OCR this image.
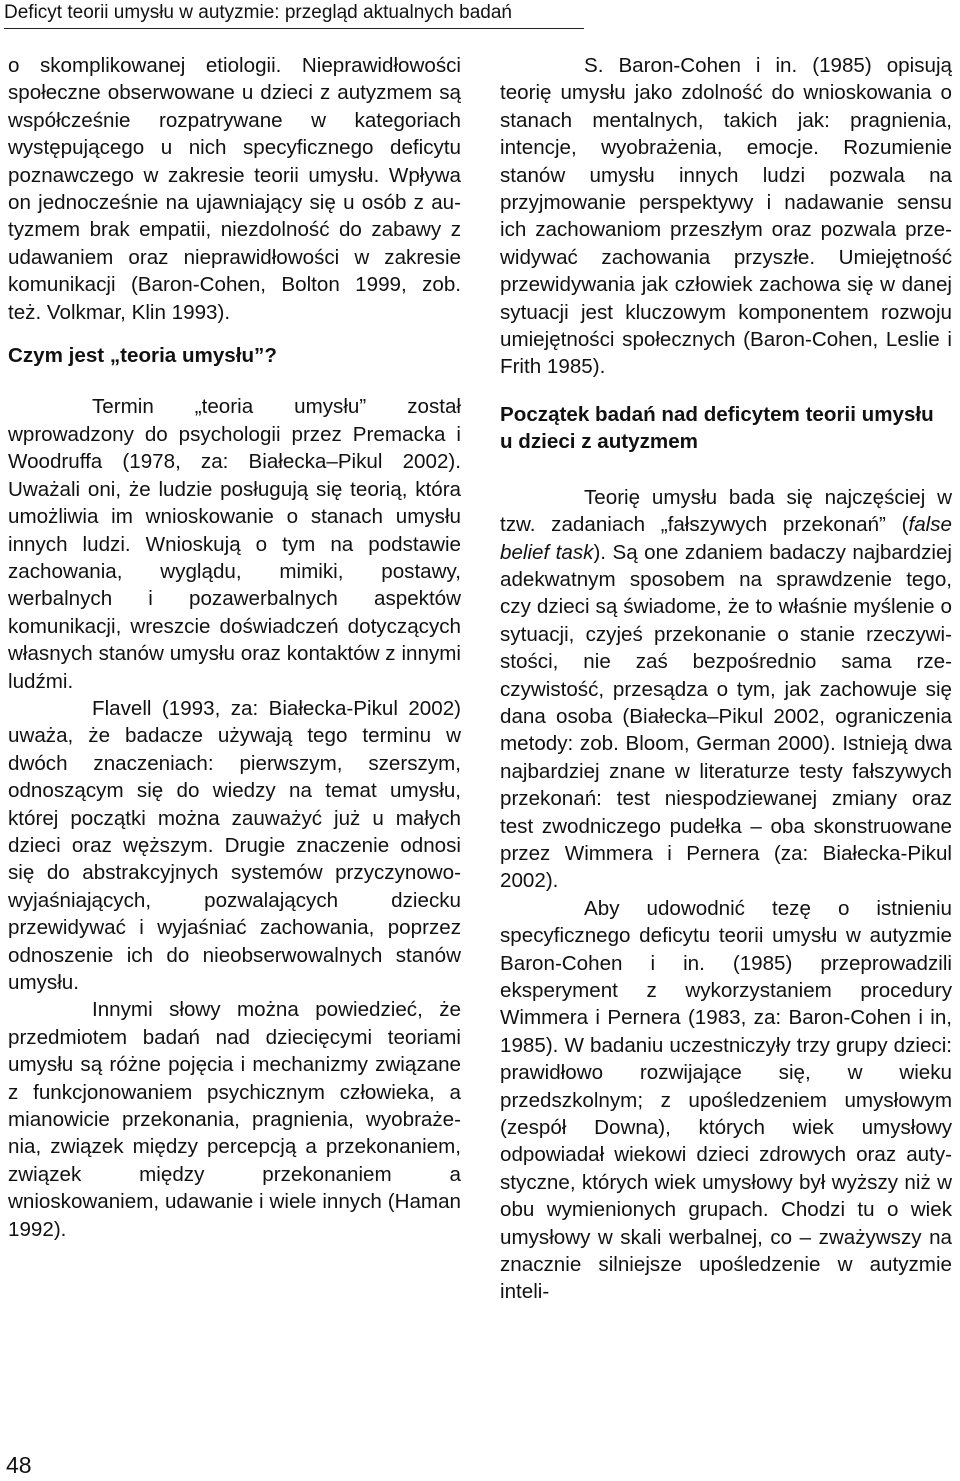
Deficyt teorii umysłu w autyzmie: przegląd aktualnych badań

o skomplikowanej etiologii. Nieprawidłowości społeczne obserwowane u dzieci z autyzmem są współcześnie rozpatrywane w kategoriach występującego u nich specyficznego deficytu poznawczego w zakresie teorii umysłu. Wpływa on jednocześnie na ujawniający się u osób z autyzmem brak empatii, niezdolność do zabawy z udawaniem oraz nieprawidłowości w zakresie komunikacji (Baron-Cohen, Bolton 1999, zob. też. Volkmar, Klin 1993).

Czym jest „teoria umysłu”?

Termin „teoria umysłu” został wprowadzony do psychologii przez Premacka i Woodruffa (1978, za: Białecka–Pikul 2002). Uważali oni, że ludzie posługują się teorią, która umożliwia im wnioskowanie o stanach umysłu innych ludzi. Wnioskują o tym na podstawie zachowania, wyglądu, mimiki, postawy, werbalnych i pozawerbalnych aspektów komunikacji, wreszcie doświadczeń dotyczących własnych stanów umysłu oraz kontaktów z innymi ludźmi.

Flavell (1993, za: Białecka-Pikul 2002) uważa, że badacze używają tego terminu w dwóch znaczeniach: pierwszym, szerszym, odnoszącym się do wiedzy na temat umysłu, której początki można zauważyć już u małych dzieci oraz węższym. Drugie znaczenie odnosi się do abstrakcyjnych systemów przyczynowo-wyjaśniających, pozwalających dziecku przewidywać i wyjaśniać zachowania, poprzez odnoszenie ich do nieobserwowalnych stanów umysłu.

Innymi słowy można powiedzieć, że przedmiotem badań nad dziecięcymi teoriami umysłu są różne pojęcia i mechanizmy związane z funkcjonowaniem psychicznym człowieka, a mianowicie przekonania, pragnienia, wyobrażenia, związek między percepcją a przekonaniem, związek między przekonaniem a wnioskowaniem, udawanie i wiele innych (Haman 1992).

S. Baron-Cohen i in. (1985) opisują teorię umysłu jako zdolność do wnioskowania o stanach mentalnych, takich jak: pragnienia, intencje, wyobrażenia, emocje. Rozumienie stanów umysłu innych ludzi pozwala na przyjmowanie perspektywy i nadawanie sensu ich zachowaniom przeszłym oraz pozwala przewidywać zachowania przyszłe. Umiejętność przewidywania jak człowiek zachowa się w danej sytuacji jest kluczowym komponentem rozwoju umiejętności społecznych (Baron-Cohen, Leslie i Frith 1985).

Początek badań nad deficytem teorii umysłu u dzieci z autyzmem

Teorię umysłu bada się najczęściej w tzw. zadaniach „fałszywych przekonań” (false belief task). Są one zdaniem badaczy najbardziej adekwatnym sposobem na sprawdzenie tego, czy dzieci są świadome, że to właśnie myślenie o sytuacji, czyjeś przekonanie o stanie rzeczywistości, nie zaś bezpośrednio sama rzeczywistość, przesądza o tym, jak zachowuje się dana osoba (Białecka–Pikul 2002, ograniczenia metody: zob. Bloom, German 2000). Istnieją dwa najbardziej znane w literaturze testy fałszywych przekonań: test niespodziewanej zmiany oraz test zwodniczego pudełka – oba skonstruowane przez Wimmera i Pernera (za: Białecka-Pikul 2002).

Aby udowodnić tezę o istnieniu specyficznego deficytu teorii umysłu w autyzmie Baron-Cohen i in. (1985) przeprowadzili eksperyment z wykorzystaniem procedury Wimmera i Pernera (1983, za: Baron-Cohen i in, 1985). W badaniu uczestniczyły trzy grupy dzieci: prawidłowo rozwijające się, w wieku przedszkolnym; z upośledzeniem umysłowym (zespół Downa), których wiek umysłowy odpowiadał wiekowi dzieci zdrowych oraz autystyczne, których wiek umysłowy był wyższy niż w obu wymienionych grupach. Chodzi tu o wiek umysłowy w skali werbalnej, co – zważywszy na znacznie silniejsze upośledzenie w autyzmie inteli-

48
